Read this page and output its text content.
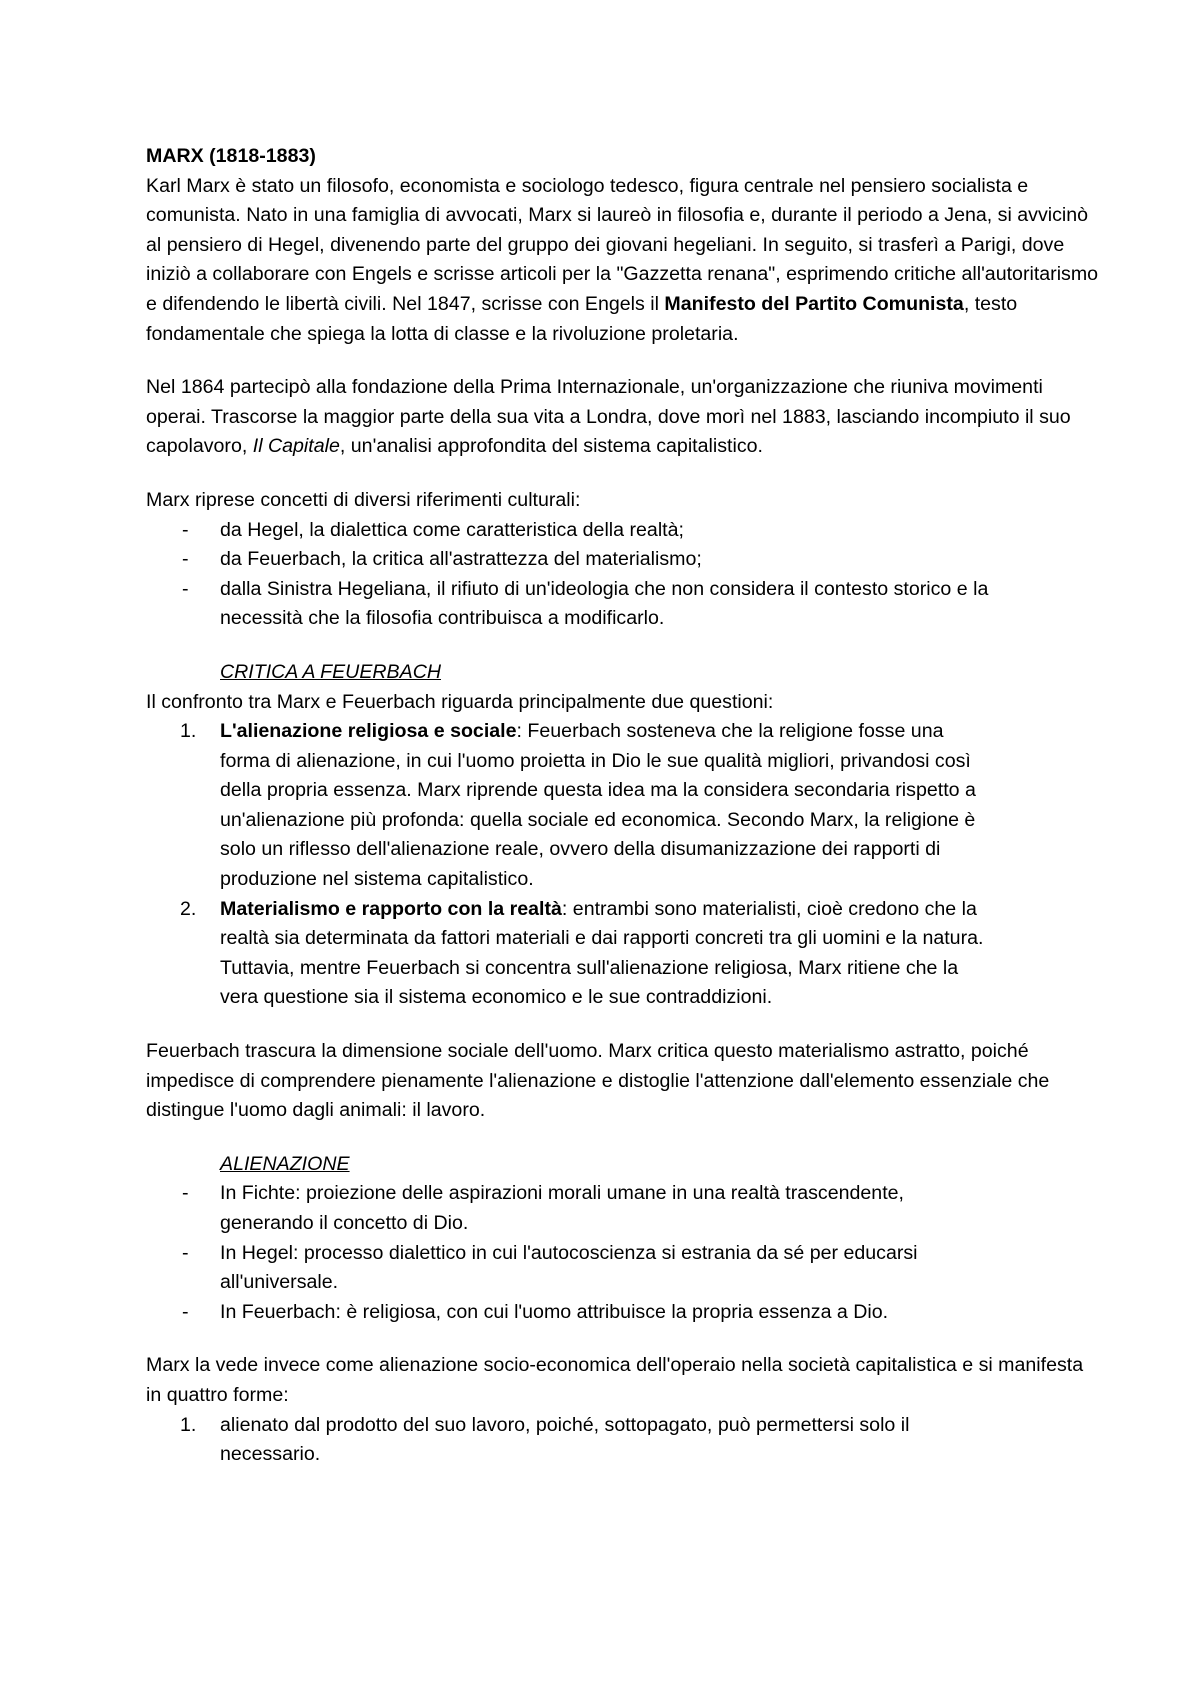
MARX (1818-1883)

Karl Marx è stato un filosofo, economista e sociologo tedesco, figura centrale nel pensiero socialista e comunista. Nato in una famiglia di avvocati, Marx si laureò in filosofia e, durante il periodo a Jena, si avvicinò al pensiero di Hegel, divenendo parte del gruppo dei giovani hegeliani. In seguito, si trasferì a Parigi, dove iniziò a collaborare con Engels e scrisse articoli per la "Gazzetta renana", esprimendo critiche all'autoritarismo e difendendo le libertà civili. Nel 1847, scrisse con Engels il Manifesto del Partito Comunista, testo fondamentale che spiega la lotta di classe e la rivoluzione proletaria.

Nel 1864 partecipò alla fondazione della Prima Internazionale, un'organizzazione che riuniva movimenti operai. Trascorse la maggior parte della sua vita a Londra, dove morì nel 1883, lasciando incompiuto il suo capolavoro, Il Capitale, un'analisi approfondita del sistema capitalistico.

Marx riprese concetti di diversi riferimenti culturali:

- da Hegel, la dialettica come caratteristica della realtà;
- da Feuerbach, la critica all'astrattezza del materialismo;
- dalla Sinistra Hegeliana, il rifiuto di un'ideologia che non considera il contesto storico e la necessità che la filosofia contribuisca a modificarlo.

CRITICA A FEUERBACH

Il confronto tra Marx e Feuerbach riguarda principalmente due questioni:

1. L'alienazione religiosa e sociale: Feuerbach sosteneva che la religione fosse una forma di alienazione, in cui l'uomo proietta in Dio le sue qualità migliori, privandosi così della propria essenza. Marx riprende questa idea ma la considera secondaria rispetto a un'alienazione più profonda: quella sociale ed economica. Secondo Marx, la religione è solo un riflesso dell'alienazione reale, ovvero della disumanizzazione dei rapporti di produzione nel sistema capitalistico.
2. Materialismo e rapporto con la realtà: entrambi sono materialisti, cioè credono che la realtà sia determinata da fattori materiali e dai rapporti concreti tra gli uomini e la natura. Tuttavia, mentre Feuerbach si concentra sull'alienazione religiosa, Marx ritiene che la vera questione sia il sistema economico e le sue contraddizioni.

Feuerbach trascura la dimensione sociale dell'uomo. Marx critica questo materialismo astratto, poiché impedisce di comprendere pienamente l'alienazione e distoglie l'attenzione dall'elemento essenziale che distingue l'uomo dagli animali: il lavoro.

ALIENAZIONE

- In Fichte: proiezione delle aspirazioni morali umane in una realtà trascendente, generando il concetto di Dio.
- In Hegel: processo dialettico in cui l'autocoscienza si estrania da sé per educarsi all'universale.
- In Feuerbach: è religiosa, con cui l'uomo attribuisce la propria essenza a Dio.

Marx la vede invece come alienazione socio-economica dell'operaio nella società capitalistica e si manifesta in quattro forme:

1. alienato dal prodotto del suo lavoro, poiché, sottopagato, può permettersi solo il necessario.
